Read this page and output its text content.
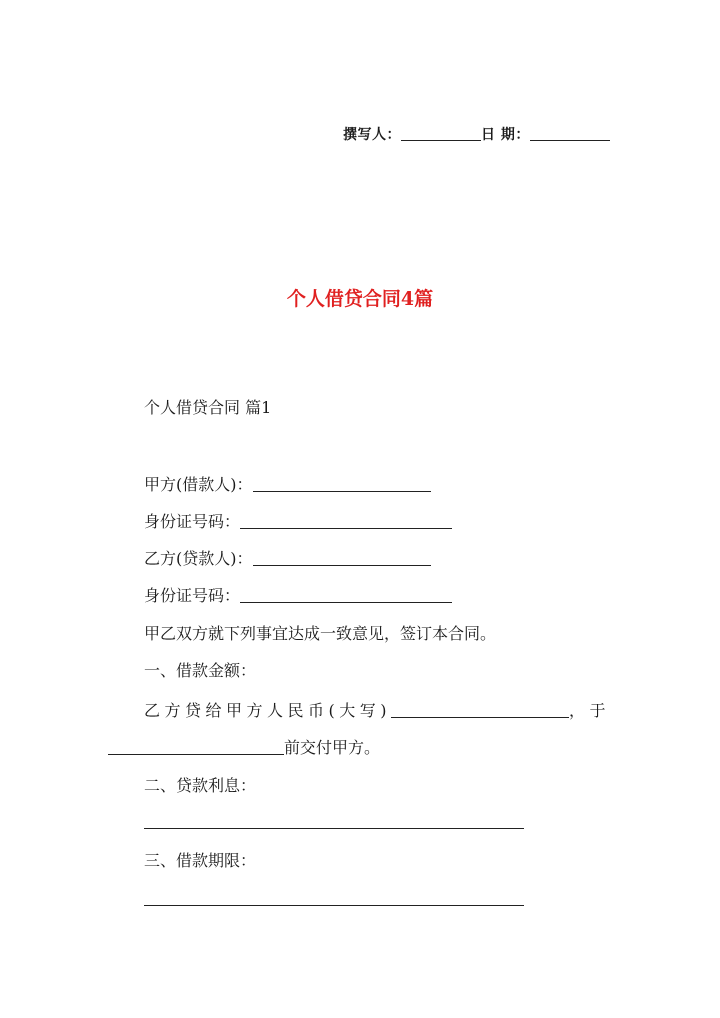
撰写人：	日 期：
个人借贷合同4篇
个人借贷合同 篇1
甲方(借款人)：
身份证号码：
乙方(贷款人)：
身份证号码：
甲乙双方就下列事宜达成一致意见，签订本合同。
一、借款金额：
乙方贷给甲方人民币(大写)	，于
前交付甲方。
二、贷款利息：
三、借款期限：
